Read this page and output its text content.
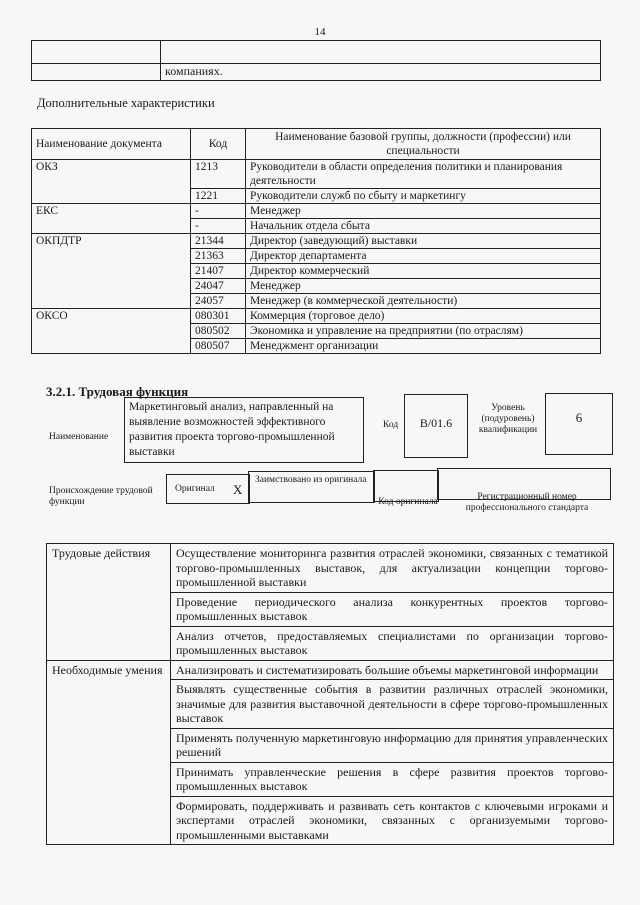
14

	компаниях.
Дополнительные характеристики
Наименование документа	Код	Наименование базовой группы, должности (профессии) или специальности
ОКЗ	1213	Руководители в области определения политики и планирования деятельности
	1221	Руководители служб по сбыту и маркетингу
ЕКС	-	Менеджер
	-	Начальник отдела сбыта
ОКПДТР	21344	Директор (заведующий) выставки
	21363	Директор департамента
	21407	Директор коммерческий
	24047	Менеджер
	24057	Менеджер (в коммерческой деятельности)
ОКСО	080301	Коммерция (торговое дело)
	080502	Экономика и управление на предприятии (по отраслям)
	080507	Менеджмент организации
3.2.1. Трудовая функция
Наименование
Маркетинговый анализ, направленный на выявление возможностей эффективного развития проекта торгово-промышленной выставки
Код	B/01.6
Уровень (подуровень) квалификации
6
Происхождение трудовой функции
Оригинал X
Заимствовано из оригинала
Код оригинала	Регистрационный номер профессионального стандарта
Трудовые действия	Осуществление мониторинга развития отраслей экономики, связанных с тематикой торгово-промышленных выставок, для актуализации концепции торгово-промышленной выставки
	Проведение периодического анализа конкурентных проектов торгово-промышленных выставок
	Анализ отчетов, предоставляемых специалистами по организации торгово-промышленных выставок
Необходимые умения	Анализировать и систематизировать большие объемы маркетинговой информации
	Выявлять существенные события в развитии различных отраслей экономики, значимые для развития выставочной деятельности в сфере торгово-промышленных выставок
	Применять полученную маркетинговую информацию для принятия управленческих решений
	Принимать управленческие решения в сфере развития проектов торгово-промышленных выставок
	Формировать, поддерживать и развивать сеть контактов с ключевыми игроками и экспертами отраслей экономики, связанных с организуемыми торгово-промышленными выставками
